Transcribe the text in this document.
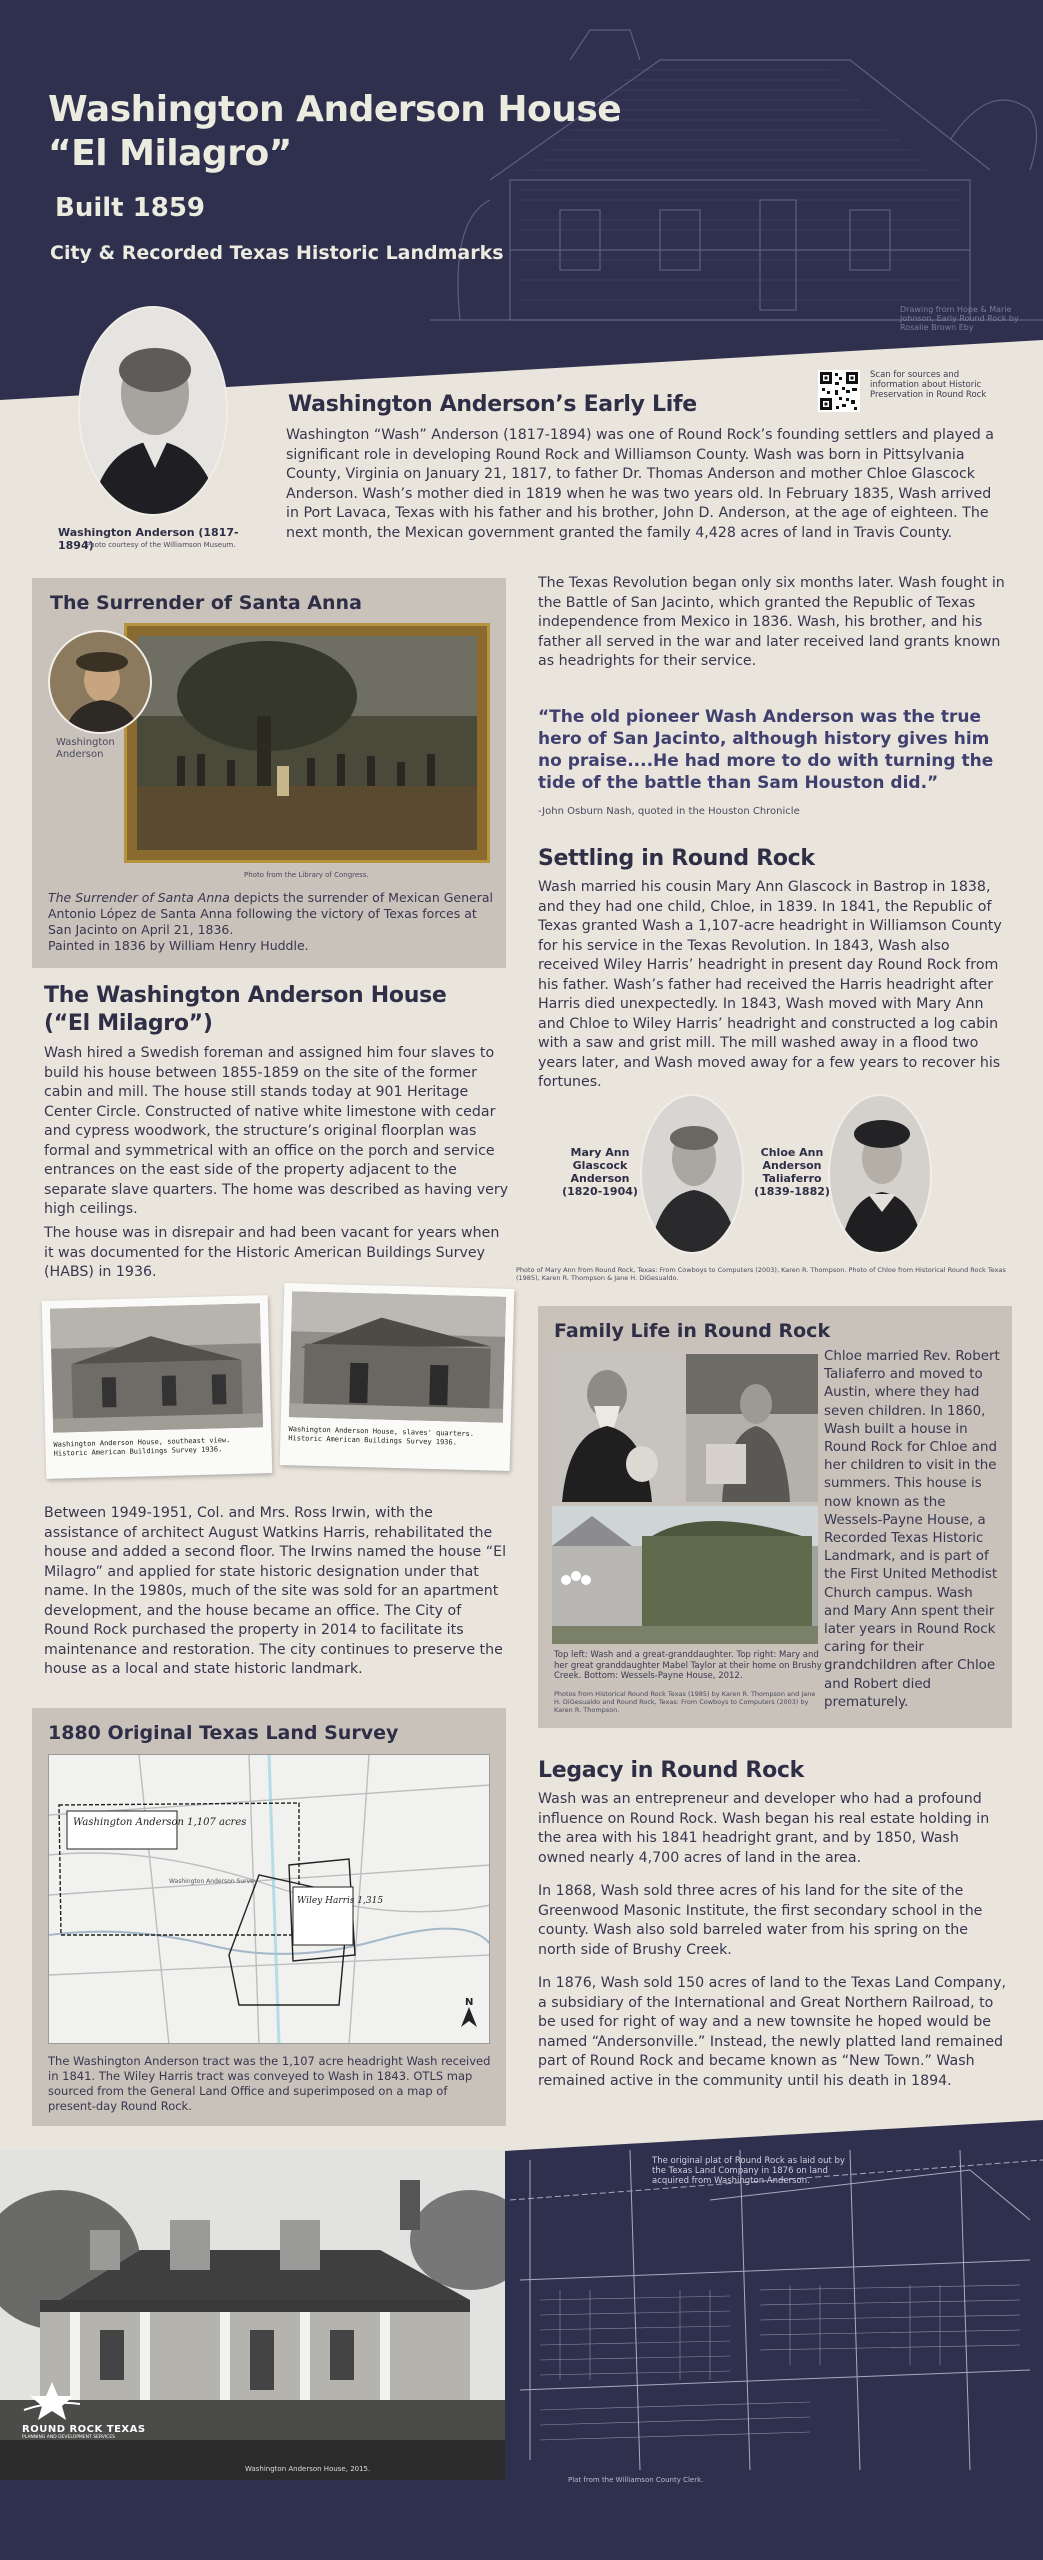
Washington Anderson House
“El Milagro”
Built 1859
City & Recorded Texas Historic Landmarks
Drawing from Hope & Marie Johnson, Early Round Rock by Rosalie Brown Eby
Washington Anderson (1817-1894)
Photo courtesy of the Williamson Museum.
Scan for sources and information about Historic Preservation in Round Rock
Washington Anderson’s Early Life

Washington “Wash” Anderson (1817-1894) was one of Round Rock’s founding settlers and played a significant role in developing Round Rock and Williamson County. Wash was born in Pittsylvania County, Virginia on January 21, 1817, to father Dr. Thomas Anderson and mother Chloe Glascock Anderson. Wash’s mother died in 1819 when he was two years old. In February 1835, Wash arrived in Port Lavaca, Texas with his father and his brother, John D. Anderson, at the age of eighteen. The next month, the Mexican government granted the family 4,428 acres of land in Travis County.

The Surrender of Santa Anna
Washington Anderson
Photo from the Library of Congress.
The Surrender of Santa Anna depicts the surrender of Mexican General Antonio López de Santa Anna following the victory of Texas forces at San Jacinto on April 21, 1836.
Painted in 1836 by William Henry Huddle.

The Texas Revolution began only six months later. Wash fought in the Battle of San Jacinto, which granted the Republic of Texas independence from Mexico in 1836. Wash, his brother, and his father all served in the war and later received land grants known as headrights for their service.

“The old pioneer Wash Anderson was the true hero of San Jacinto, although history gives him no praise....He had more to do with turning the tide of the battle than Sam Houston did.”
-John Osburn Nash, quoted in the Houston Chronicle
Settling in Round Rock

Wash married his cousin Mary Ann Glascock in Bastrop in 1838, and they had one child, Chloe, in 1839. In 1841, the Republic of Texas granted Wash a 1,107-acre headright in Williamson County for his service in the Texas Revolution. In 1843, Wash also received Wiley Harris’ headright in present day Round Rock from his father. Wash’s father had received the Harris headright after Harris died unexpectedly. In 1843, Wash moved with Mary Ann and Chloe to Wiley Harris’ headright and constructed a log cabin with a saw and grist mill. The mill washed away in a flood two years later, and Wash moved away for a few years to recover his fortunes.

Mary Ann Glascock Anderson (1820-1904)
Chloe Ann Anderson Taliaferro (1839-1882)
Photo of Mary Ann from Round Rock, Texas: From Cowboys to Computers (2003), Karen R. Thompson. Photo of Chloe from Historical Round Rock Texas (1985), Karen R. Thompson & Jane H. DiGesualdo.
The Washington Anderson House
(“El Milagro”)

Wash hired a Swedish foreman and assigned him four slaves to build his house between 1855-1859 on the site of the former cabin and mill. The house still stands today at 901 Heritage Center Circle. Constructed of native white limestone with cedar and cypress woodwork, the structure’s original floorplan was formal and symmetrical with an office on the porch and service entrances on the east side of the property adjacent to the separate slave quarters. The home was described as having very high ceilings.

The house was in disrepair and had been vacant for years when it was documented for the Historic American Buildings Survey (HABS) in 1936.

Washington Anderson House, southeast view. Historic American Buildings Survey 1936.
Washington Anderson House, slaves' quarters. Historic American Buildings Survey 1936.

Between 1949-1951, Col. and Mrs. Ross Irwin, with the assistance of architect August Watkins Harris, rehabilitated the house and added a second floor. The Irwins named the house “El Milagro” and applied for state historic designation under that name. In the 1980s, much of the site was sold for an apartment development, and the house became an office. The City of Round Rock purchased the property in 2014 to facilitate its maintenance and restoration. The city continues to preserve the house as a local and state historic landmark.

Family Life in Round Rock

Chloe married Rev. Robert Taliaferro and moved to Austin, where they had seven children. In 1860, Wash built a house in Round Rock for Chloe and her children to visit in the summers. This house is now known as the Wessels-Payne House, a Recorded Texas Historic Landmark, and is part of the First United Methodist Church campus. Wash and Mary Ann spent their later years in Round Rock caring for their grandchildren after Chloe and Robert died prematurely.

Top left: Wash and a great-granddaughter. Top right: Mary and her great granddaughter Mabel Taylor at their home on Brushy Creek. Bottom: Wessels-Payne House, 2012.
Photos from Historical Round Rock Texas (1985) by Karen R. Thompson and Jane H. DiGesualdo and Round Rock, Texas: From Cowboys to Computers (2003) by Karen R. Thompson.
1880 Original Texas Land Survey
Washington Anderson 1,107 acres
Wiley Harris 1,315
Washington Anderson Survey
N
The Washington Anderson tract was the 1,107 acre headright Wash received in 1841. The Wiley Harris tract was conveyed to Wash in 1843. OTLS map sourced from the General Land Office and superimposed on a map of present-day Round Rock.
Legacy in Round Rock

Wash was an entrepreneur and developer who had a profound influence on Round Rock. Wash began his real estate holding in the area with his 1841 headright grant, and by 1850, Wash owned nearly 4,700 acres of land in the area.

In 1868, Wash sold three acres of his land for the site of the Greenwood Masonic Institute, the first secondary school in the county. Wash also sold barreled water from his spring on the north side of Brushy Creek.

In 1876, Wash sold 150 acres of land to the Texas Land Company, a subsidiary of the International and Great Northern Railroad, to be used for right of way and a new townsite he hoped would be named “Andersonville.” Instead, the newly platted land remained part of Round Rock and became known as “New Town.” Wash remained active in the community until his death in 1894.

ROUND ROCK TEXAS
PLANNING AND DEVELOPMENT SERVICES
Washington Anderson House, 2015.
The original plat of Round Rock as laid out by the Texas Land Company in 1876 on land acquired from Washington Anderson.
Plat from the Williamson County Clerk.
